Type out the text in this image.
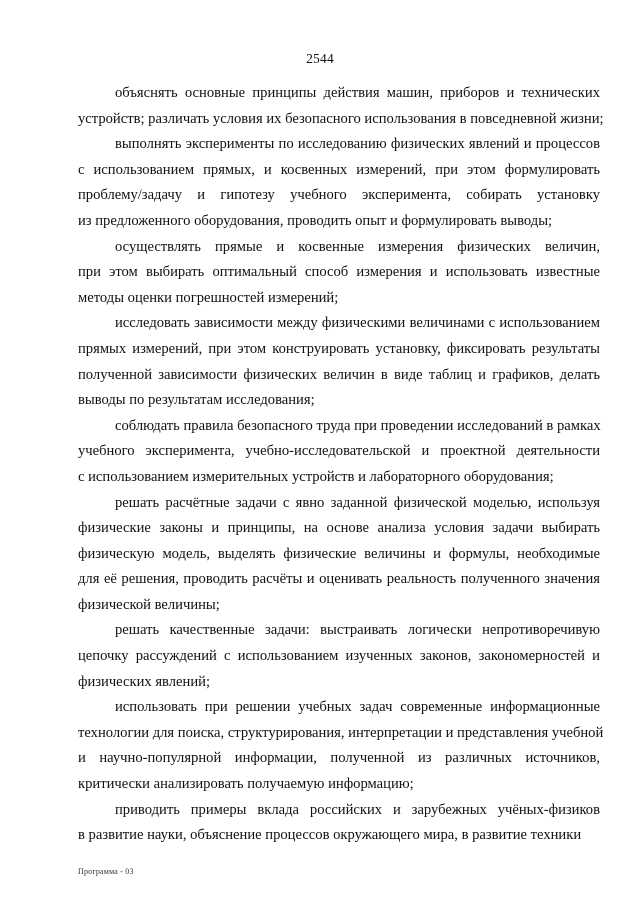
2544
объяснять основные принципы действия машин, приборов и технических
устройств; различать условия их безопасного использования в повседневной жизни;
выполнять эксперименты по исследованию физических явлений и процессов
с использованием прямых, и косвенных измерений, при этом формулировать
проблему/задачу и гипотезу учебного эксперимента, собирать установку
из предложенного оборудования, проводить опыт и формулировать выводы;
осуществлять прямые и косвенные измерения физических величин,
при этом выбирать оптимальный способ измерения и использовать известные
методы оценки погрешностей измерений;
исследовать зависимости между физическими величинами с использованием
прямых измерений, при этом конструировать установку, фиксировать результаты
полученной зависимости физических величин в виде таблиц и графиков, делать
выводы по результатам исследования;
соблюдать правила безопасного труда при проведении исследований в рамках
учебного эксперимента, учебно-исследовательской и проектной деятельности
с использованием измерительных устройств и лабораторного оборудования;
решать расчётные задачи с явно заданной физической моделью, используя
физические законы и принципы, на основе анализа условия задачи выбирать
физическую модель, выделять физические величины и формулы, необходимые
для её решения, проводить расчёты и оценивать реальность полученного значения
физической величины;
решать качественные задачи: выстраивать логически непротиворечивую
цепочку рассуждений с использованием изученных законов, закономерностей и
физических явлений;
использовать при решении учебных задач современные информационные
технологии для поиска, структурирования, интерпретации и представления учебной
и научно-популярной информации, полученной из различных источников,
критически анализировать получаемую информацию;
приводить примеры вклада российских и зарубежных учёных-физиков
в развитие науки, объяснение процессов окружающего мира, в развитие техники
Программа - 03
